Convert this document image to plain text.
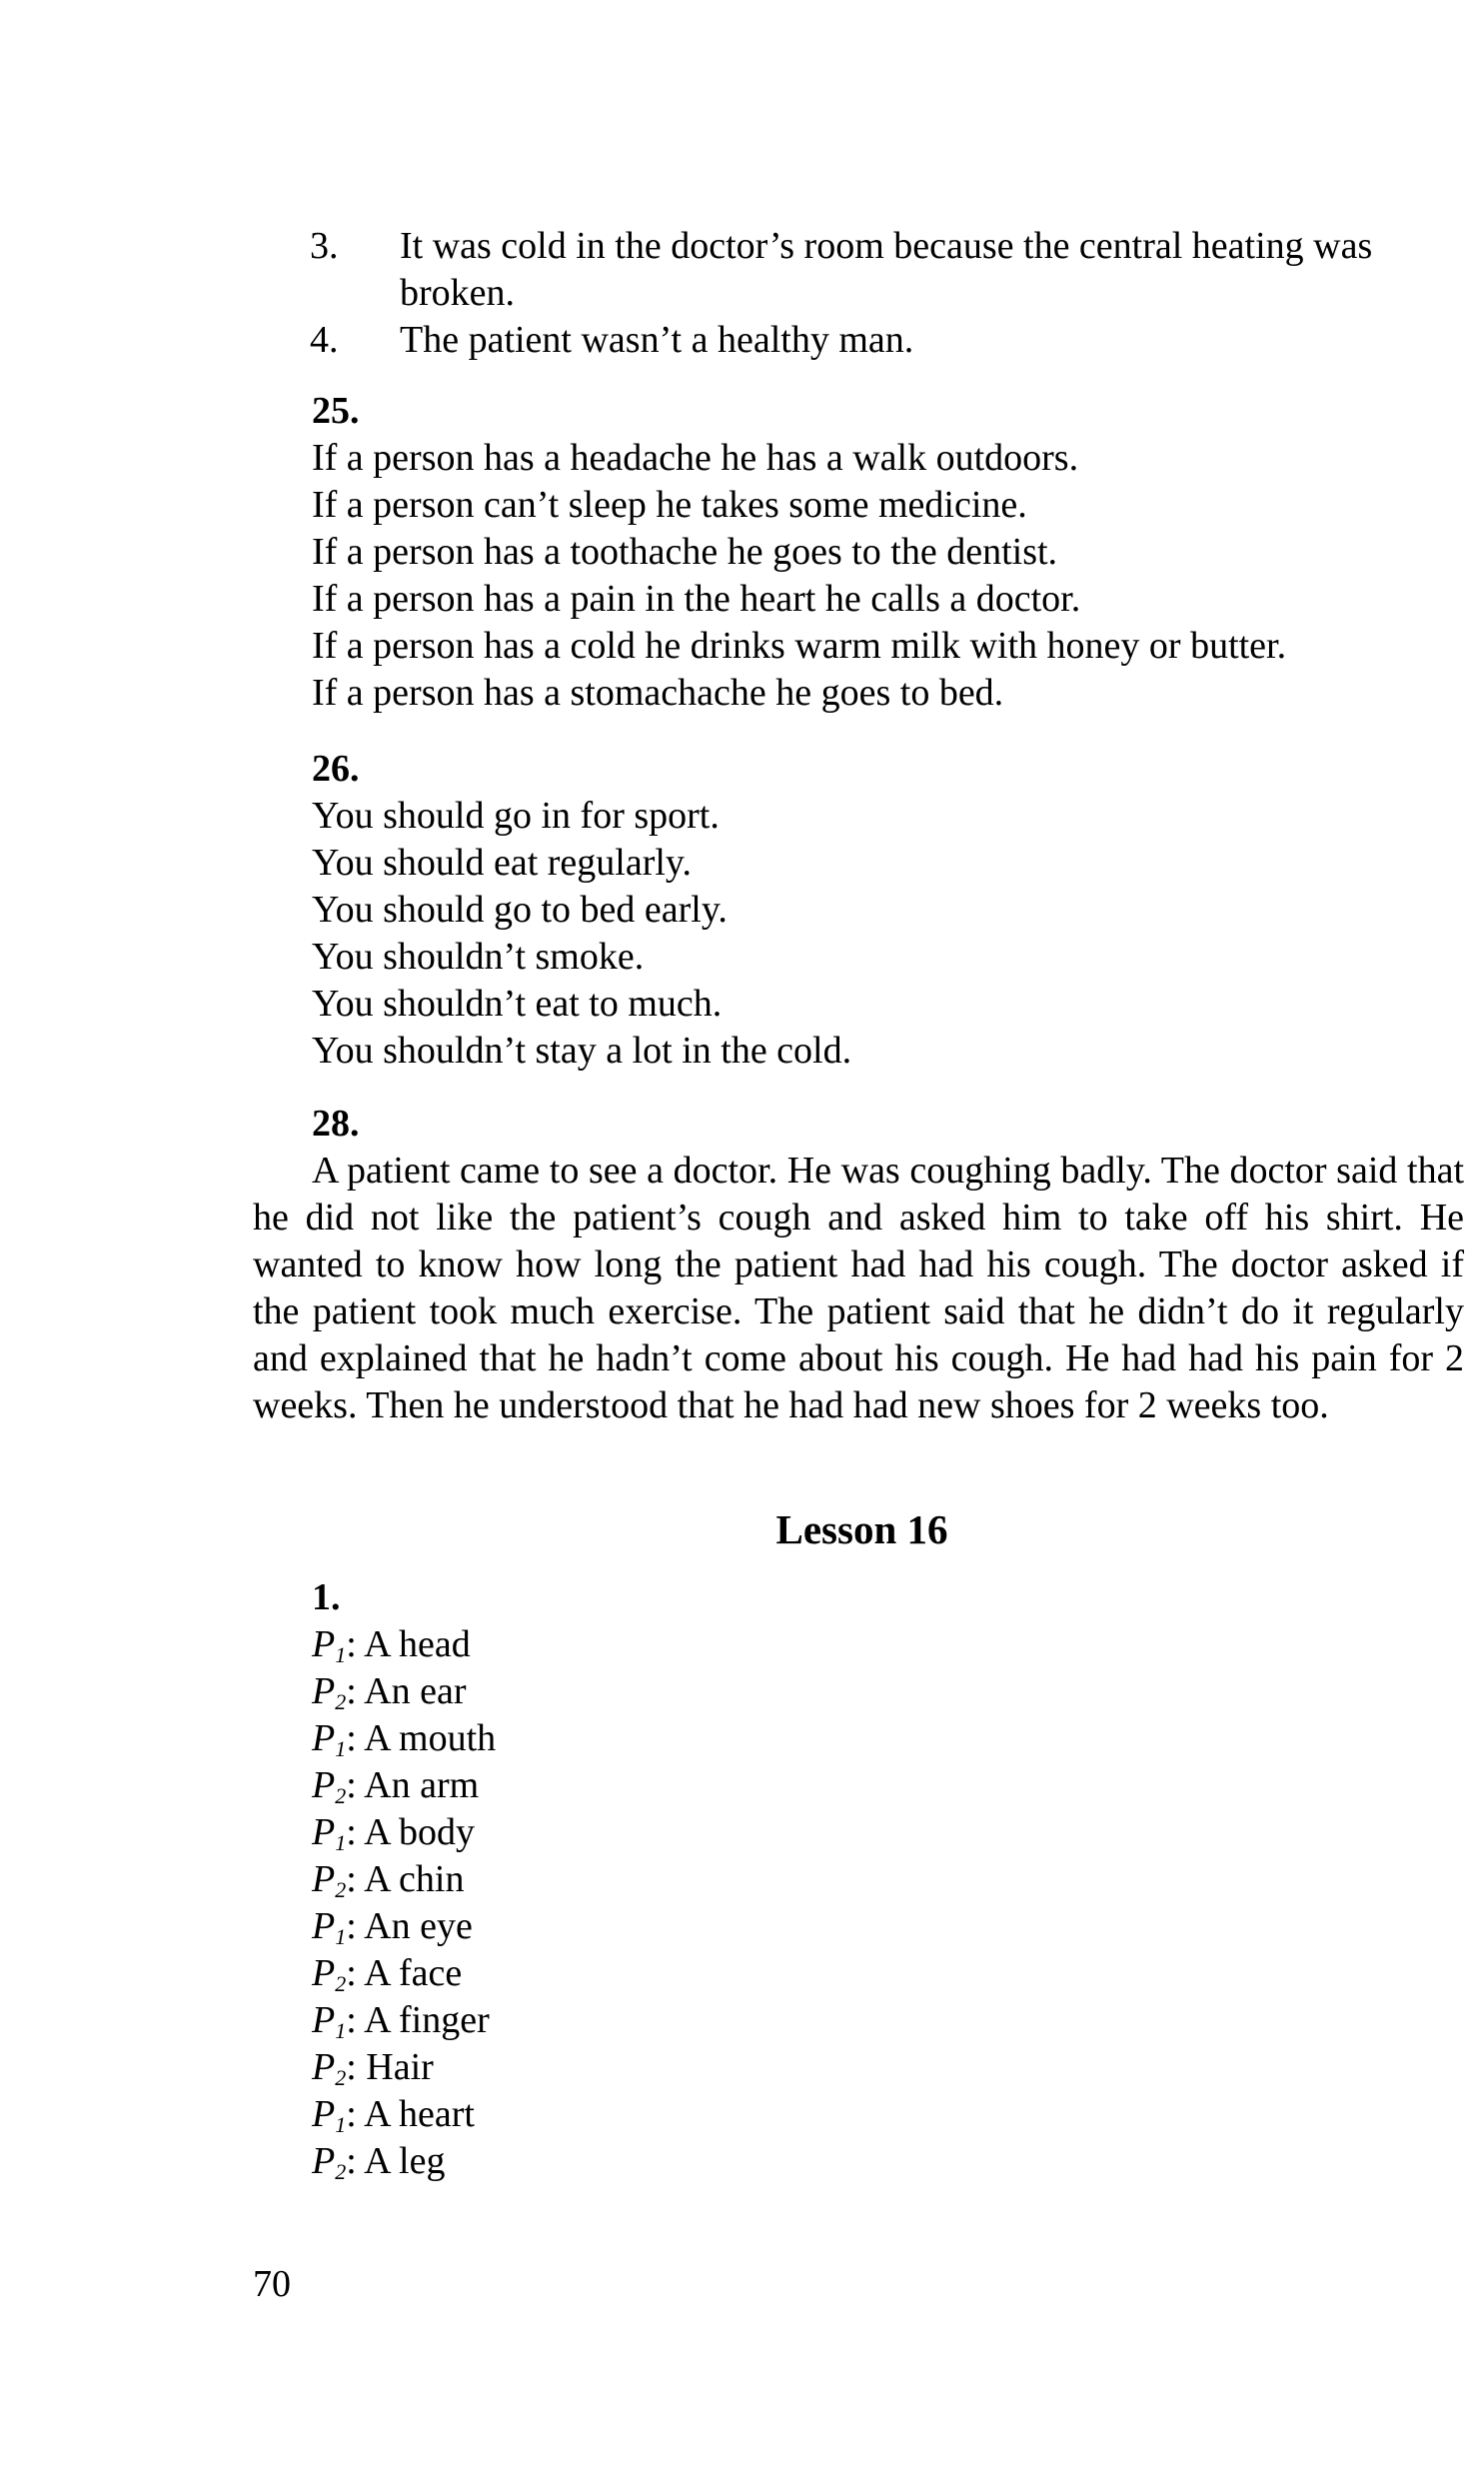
3.	It was cold in the doctor’s room because the central heating was broken.
4.	The patient wasn’t a healthy man.
25.
If a person has a headache he has a walk outdoors.
If a person can’t sleep he takes some medicine.
If a person has a toothache he goes to the dentist.
If a person has a pain in the heart he calls a doctor.
If a person has a cold he drinks warm milk with honey or butter.
If a person has a stomachache he goes to bed.
26.
You should go in for sport.
You should eat regularly.
You should go to bed early.
You shouldn’t smoke.
You shouldn’t eat to much.
You shouldn’t stay a lot in the cold.
28.
A patient came to see a doctor. He was coughing badly. The doctor said that he did not like the patient’s cough and asked him to take off his shirt. He wanted to know how long the patient had had his cough. The doctor asked if the patient took much exercise. The patient said that he didn’t do it regularly and explained that he hadn’t come about his cough. He had had his pain for 2 weeks. Then he understood that he had had new shoes for 2 weeks too.
Lesson 16
1.
$P_1$: A head
$P_2$: An ear
$P_1$: A mouth
$P_2$: An arm
$P_1$: A body
$P_2$: A chin
$P_1$: An eye
$P_2$: A face
$P_1$: A finger
$P_2$: Hair
$P_1$: A heart
$P_2$: A leg
70
